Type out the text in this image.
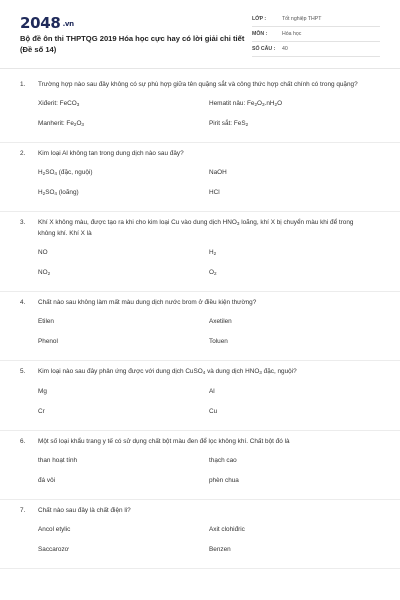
2048 .vn
Bộ đề ôn thi THPTQG 2019 Hóa học cực hay có lời giải chi tiết (Đề số 14)
LỚP :	Tốt nghiệp THPT
MÔN :	Hóa học
SỐ CÂU :	40
1.	Trường hợp nào sau đây không có sự phù hợp giữa tên quặng sắt và công thức hợp chất chính có trong quặng?
Xiđerit: FeCO$_3$	Hematit nâu: $Fe_2O_3.nH_2O$
Manherit: $Fe_2O_3$	Pirit sắt: FeS$_2$
2.	Kim loại Al không tan trong dung dịch nào sau đây?
$H_2SO_4$ (đặc, nguội)	NaOH
$H_2SO_4$ (loãng)	HCl
3.	Khí X không màu, được tạo ra khi cho kim loại Cu vào dung dịch $HNO_3$ loãng, khí X bị chuyển màu khi để trong không khí. Khí X là
NO	$H_2$
$NO_2$	$O_2$
4.	Chất nào sau không làm mất màu dung dịch nước brom ở điều kiện thường?
Etilen	Axetilen
Phenol	Toluen
5.	Kim loại nào sau đây phản ứng được với dung dịch CuSO$_4$ và dung dịch $HNO_3$ đặc, nguội?
Mg	Al
Cr	Cu
6.	Một số loại khẩu trang y tế có sử dụng chất bột màu đen để lọc không khí. Chất bột đó là
than hoạt tính	thạch cao
đá vôi	phèn chua
7.	Chất nào sau đây là chất điện li?
Ancol etylic	Axit clohiđric
Saccarozơ	Benzen
